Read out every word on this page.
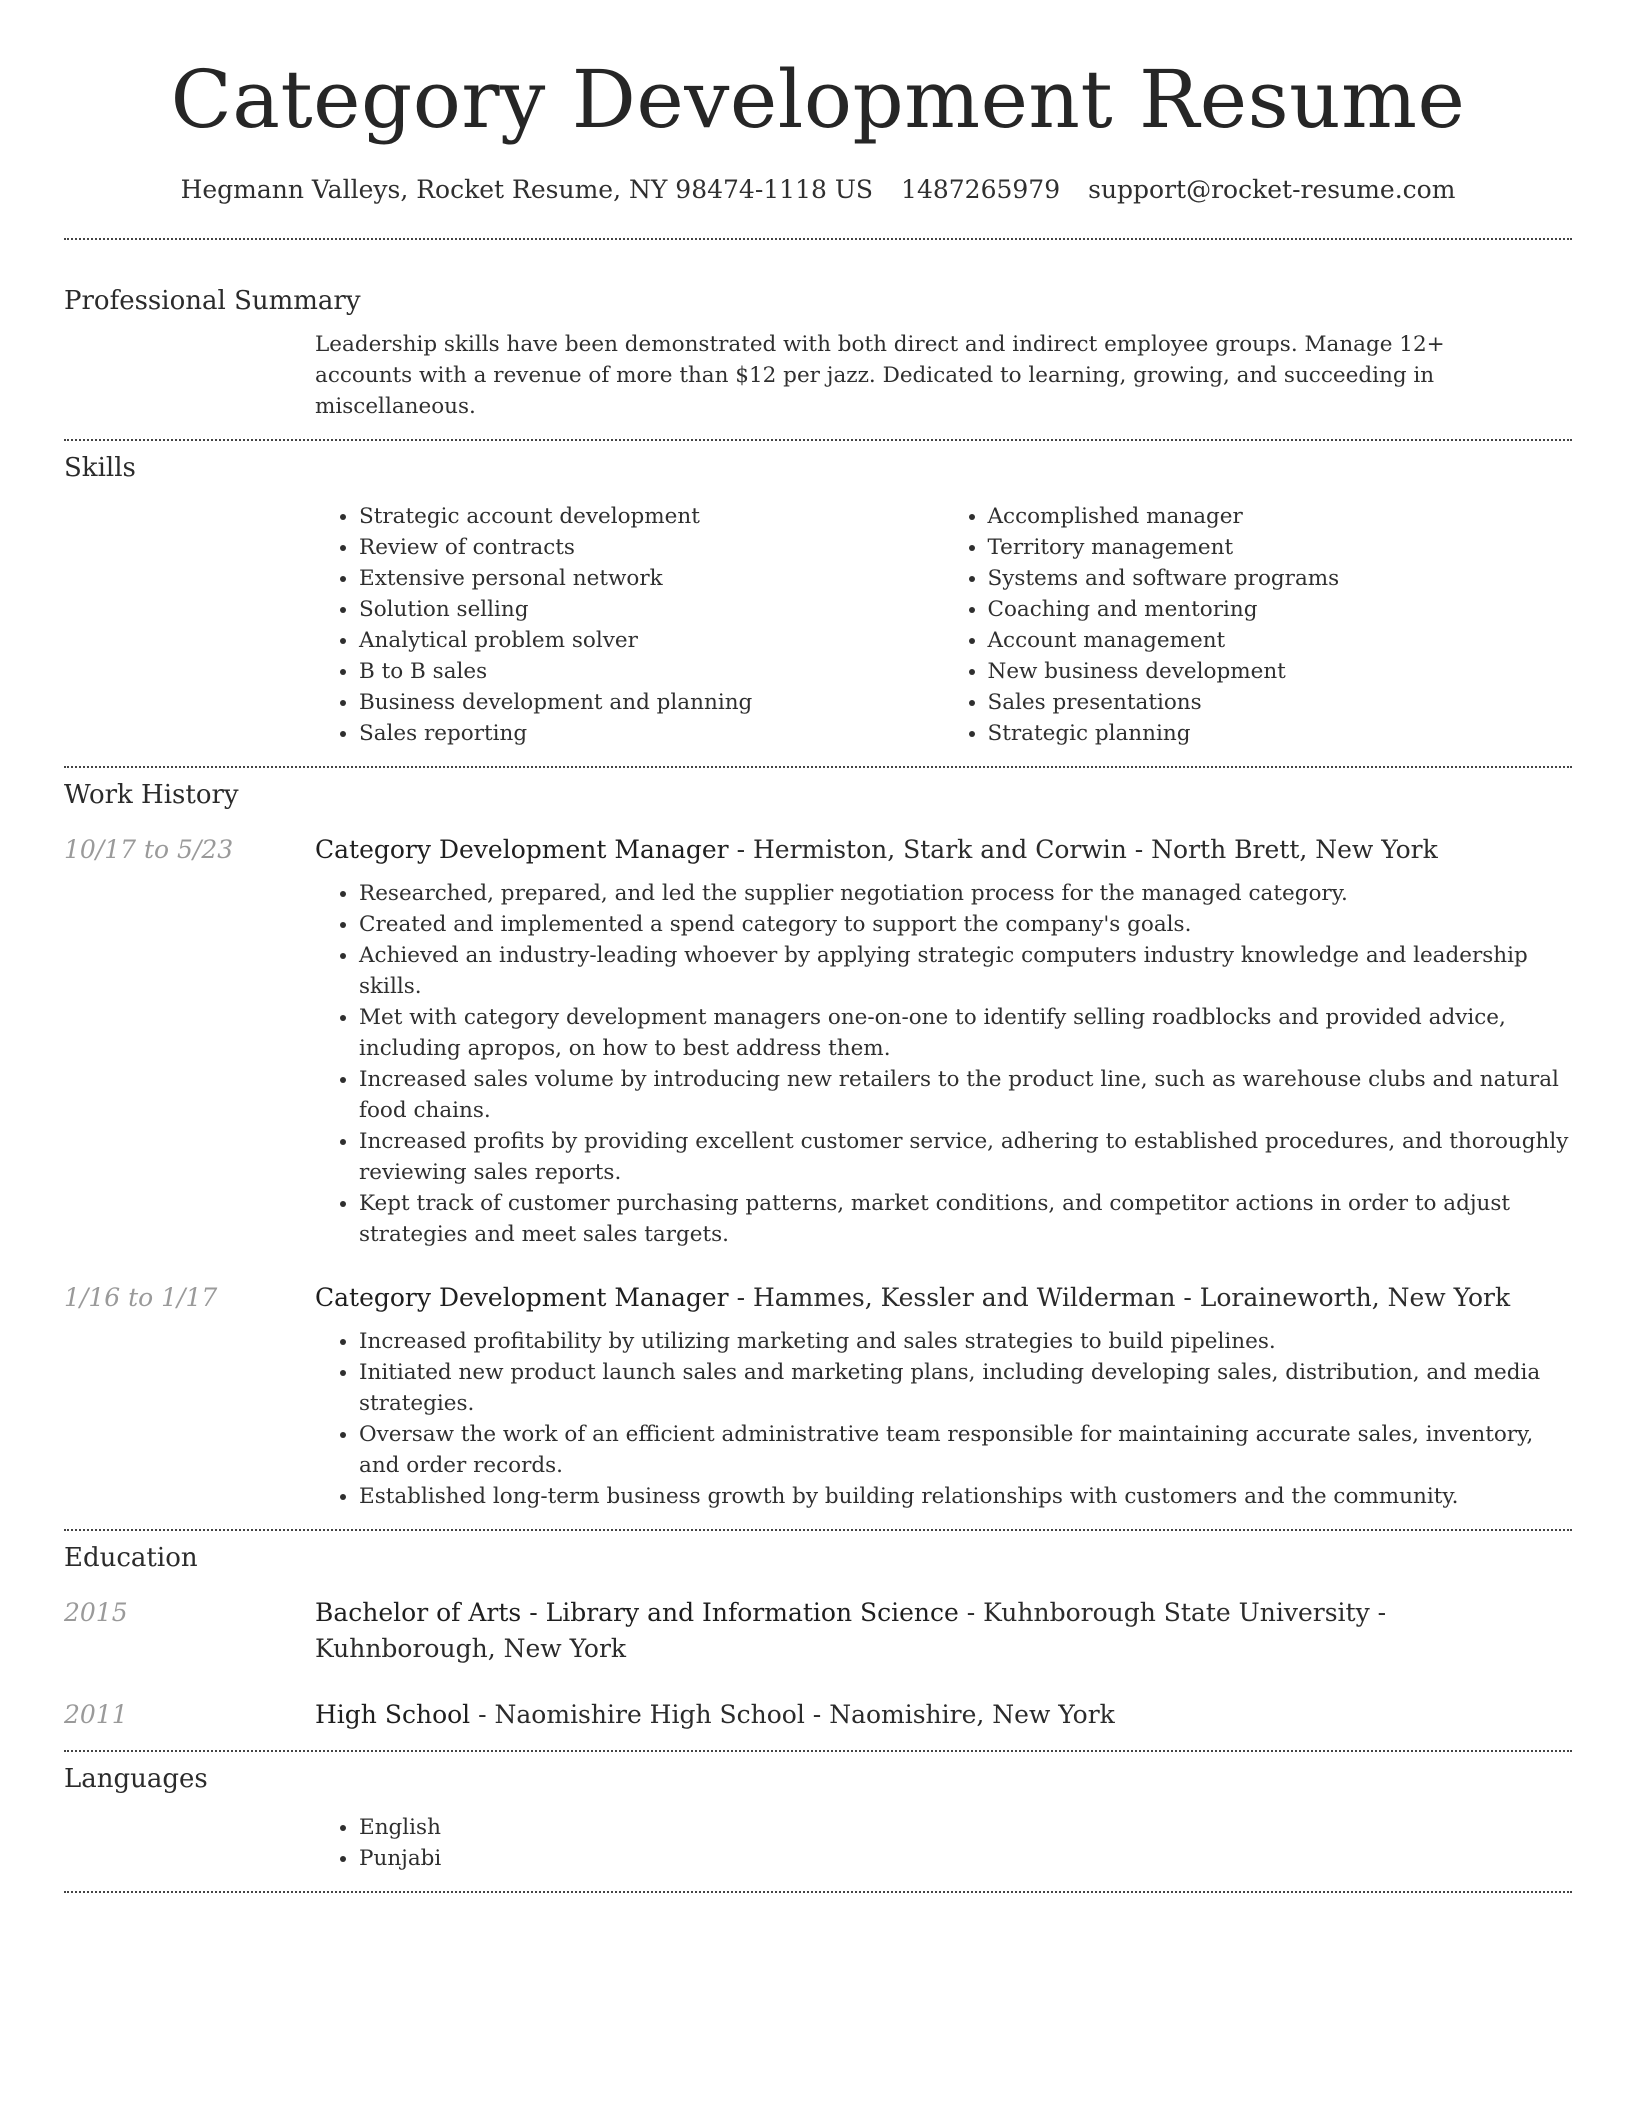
Category Development Resume
Hegmann Valleys, Rocket Resume, NY 98474-1118 US 1487265979 support@rocket-resume.com
Professional Summary
Leadership skills have been demonstrated with both direct and indirect employee groups. Manage 12+ accounts with a revenue of more than $12 per jazz. Dedicated to learning, growing, and succeeding in miscellaneous.
Skills
• Strategic account development
• Review of contracts
• Extensive personal network
• Solution selling
• Analytical problem solver
• B to B sales
• Business development and planning
• Sales reporting
• Accomplished manager
• Territory management
• Systems and software programs
• Coaching and mentoring
• Account management
• New business development
• Sales presentations
• Strategic planning
Work History
10/17 to 5/23	Category Development Manager - Hermiston, Stark and Corwin - North Brett, New York
• Researched, prepared, and led the supplier negotiation process for the managed category.
• Created and implemented a spend category to support the company's goals.
• Achieved an industry-leading whoever by applying strategic computers industry knowledge and leadership skills.
• Met with category development managers one-on-one to identify selling roadblocks and provided advice, including apropos, on how to best address them.
• Increased sales volume by introducing new retailers to the product line, such as warehouse clubs and natural food chains.
• Increased profits by providing excellent customer service, adhering to established procedures, and thoroughly reviewing sales reports.
• Kept track of customer purchasing patterns, market conditions, and competitor actions in order to adjust strategies and meet sales targets.
1/16 to 1/17	Category Development Manager - Hammes, Kessler and Wilderman - Loraineworth, New York
• Increased profitability by utilizing marketing and sales strategies to build pipelines.
• Initiated new product launch sales and marketing plans, including developing sales, distribution, and media strategies.
• Oversaw the work of an efficient administrative team responsible for maintaining accurate sales, inventory, and order records.
• Established long-term business growth by building relationships with customers and the community.
Education
2015	Bachelor of Arts - Library and Information Science - Kuhnborough State University - Kuhnborough, New York
2011	High School - Naomishire High School - Naomishire, New York
Languages
• English
• Punjabi
